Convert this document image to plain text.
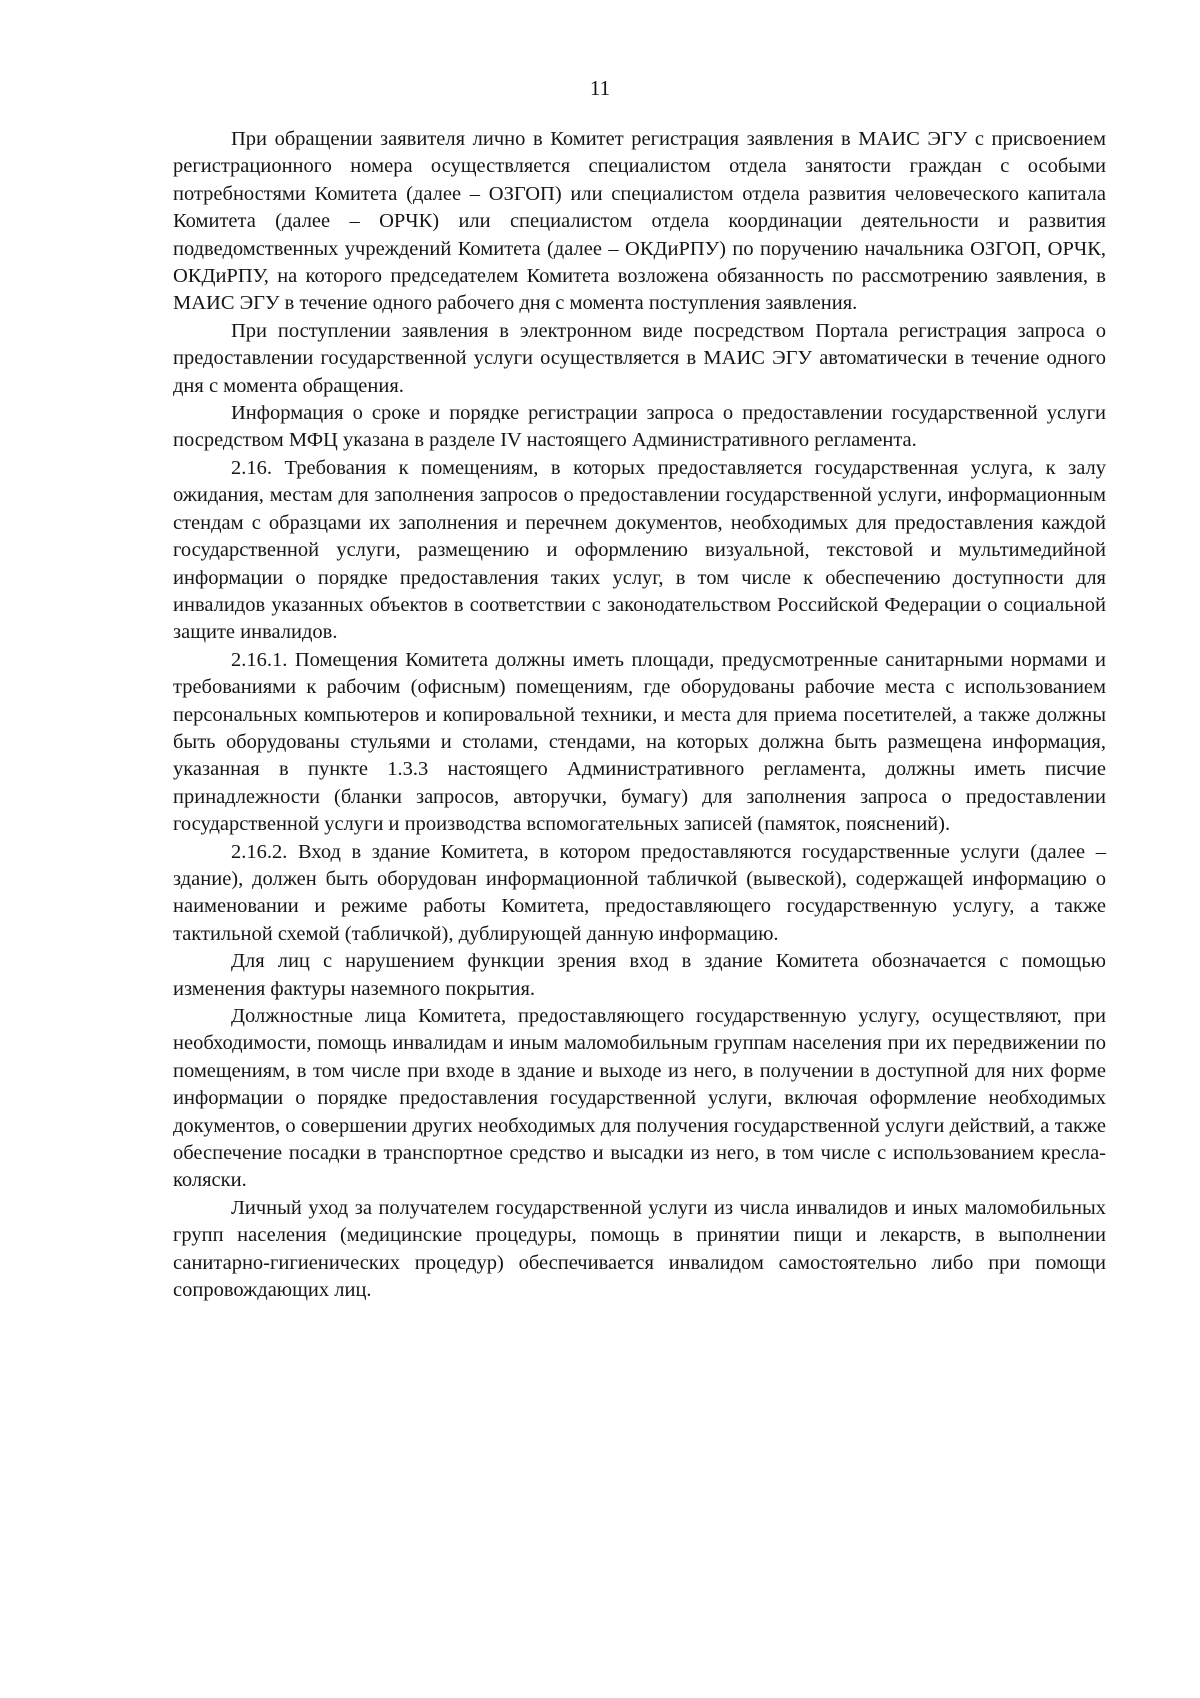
11

При обращении заявителя лично в Комитет регистрация заявления в МАИС ЭГУ с присвоением регистрационного номера осуществляется специалистом отдела занятости граждан с особыми потребностями Комитета (далее – ОЗГОП) или специалистом отдела развития человеческого капитала Комитета (далее – ОРЧК) или специалистом отдела координации деятельности и развития подведомственных учреждений Комитета (далее – ОКДиРПУ) по поручению начальника ОЗГОП, ОРЧК, ОКДиРПУ, на которого председателем Комитета возложена обязанность по рассмотрению заявления, в МАИС ЭГУ в течение одного рабочего дня с момента поступления заявления.

При поступлении заявления в электронном виде посредством Портала регистрация запроса о предоставлении государственной услуги осуществляется в МАИС ЭГУ автоматически в течение одного дня с момента обращения.

Информация о сроке и порядке регистрации запроса о предоставлении государственной услуги посредством МФЦ указана в разделе IV настоящего Административного регламента.

2.16. Требования к помещениям, в которых предоставляется государственная услуга, к залу ожидания, местам для заполнения запросов о предоставлении государственной услуги, информационным стендам с образцами их заполнения и перечнем документов, необходимых для предоставления каждой государственной услуги, размещению и оформлению визуальной, текстовой и мультимедийной информации о порядке предоставления таких услуг, в том числе к обеспечению доступности для инвалидов указанных объектов в соответствии с законодательством Российской Федерации о социальной защите инвалидов.

2.16.1. Помещения Комитета должны иметь площади, предусмотренные санитарными нормами и требованиями к рабочим (офисным) помещениям, где оборудованы рабочие места с использованием персональных компьютеров и копировальной техники, и места для приема посетителей, а также должны быть оборудованы стульями и столами, стендами, на которых должна быть размещена информация, указанная в пункте 1.3.3 настоящего Административного регламента, должны иметь писчие принадлежности (бланки запросов, авторучки, бумагу) для заполнения запроса о предоставлении государственной услуги и производства вспомогательных записей (памяток, пояснений).

2.16.2. Вход в здание Комитета, в котором предоставляются государственные услуги (далее – здание), должен быть оборудован информационной табличкой (вывеской), содержащей информацию о наименовании и режиме работы Комитета, предоставляющего государственную услугу, а также тактильной схемой (табличкой), дублирующей данную информацию.

Для лиц с нарушением функции зрения вход в здание Комитета обозначается с помощью изменения фактуры наземного покрытия.

Должностные лица Комитета, предоставляющего государственную услугу, осуществляют, при необходимости, помощь инвалидам и иным маломобильным группам населения при их передвижении по помещениям, в том числе при входе в здание и выходе из него, в получении в доступной для них форме информации о порядке предоставления государственной услуги, включая оформление необходимых документов, о совершении других необходимых для получения государственной услуги действий, а также обеспечение посадки в транспортное средство и высадки из него, в том числе с использованием кресла-коляски.

Личный уход за получателем государственной услуги из числа инвалидов и иных маломобильных групп населения (медицинские процедуры, помощь в принятии пищи и лекарств, в выполнении санитарно-гигиенических процедур) обеспечивается инвалидом самостоятельно либо при помощи сопровождающих лиц.
